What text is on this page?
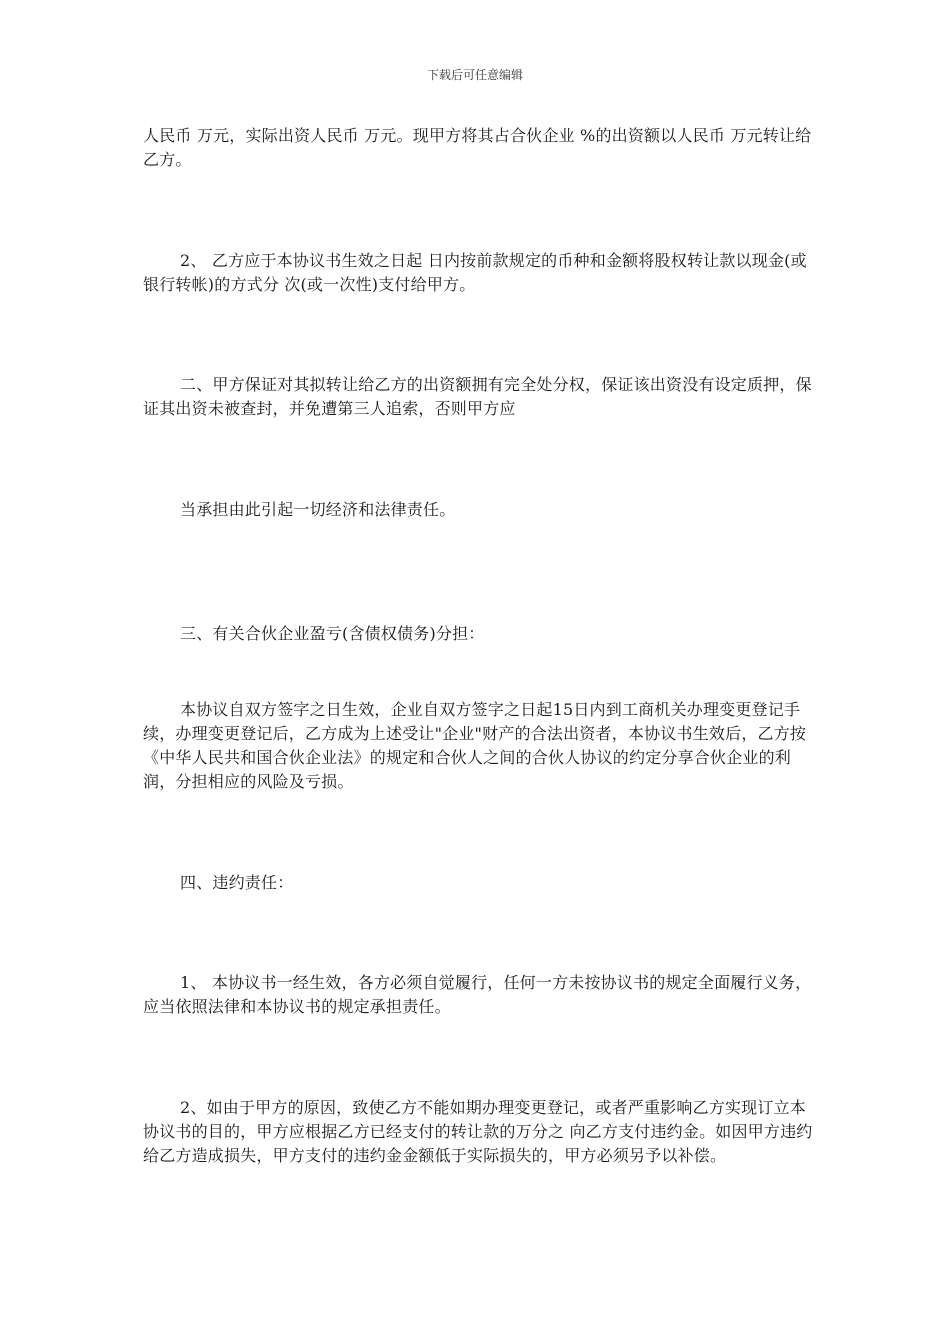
下载后可任意编辑

人民币 万元，实际出资人民币 万元。现甲方将其占合伙企业 %的出资额以人民币 万元转让给乙方。

2、 乙方应于本协议书生效之日起 日内按前款规定的币种和金额将股权转让款以现金(或银行转帐)的方式分 次(或一次性)支付给甲方。

二、甲方保证对其拟转让给乙方的出资额拥有完全处分权，保证该出资没有设定质押，保证其出资未被查封，并免遭第三人追索，否则甲方应

当承担由此引起一切经济和法律责任。

三、有关合伙企业盈亏(含债权债务)分担：

本协议自双方签字之日生效，企业自双方签字之日起15日内到工商机关办理变更登记手续，办理变更登记后，乙方成为上述受让"企业"财产的合法出资者，本协议书生效后，乙方按《中华人民共和国合伙企业法》的规定和合伙人之间的合伙人协议的约定分享合伙企业的利润，分担相应的风险及亏损。

四、违约责任：

1、 本协议书一经生效，各方必须自觉履行，任何一方未按协议书的规定全面履行义务，应当依照法律和本协议书的规定承担责任。

2、如由于甲方的原因，致使乙方不能如期办理变更登记，或者严重影响乙方实现订立本协议书的目的，甲方应根据乙方已经支付的转让款的万分之 向乙方支付违约金。如因甲方违约给乙方造成损失，甲方支付的违约金金额低于实际损失的，甲方必须另予以补偿。
